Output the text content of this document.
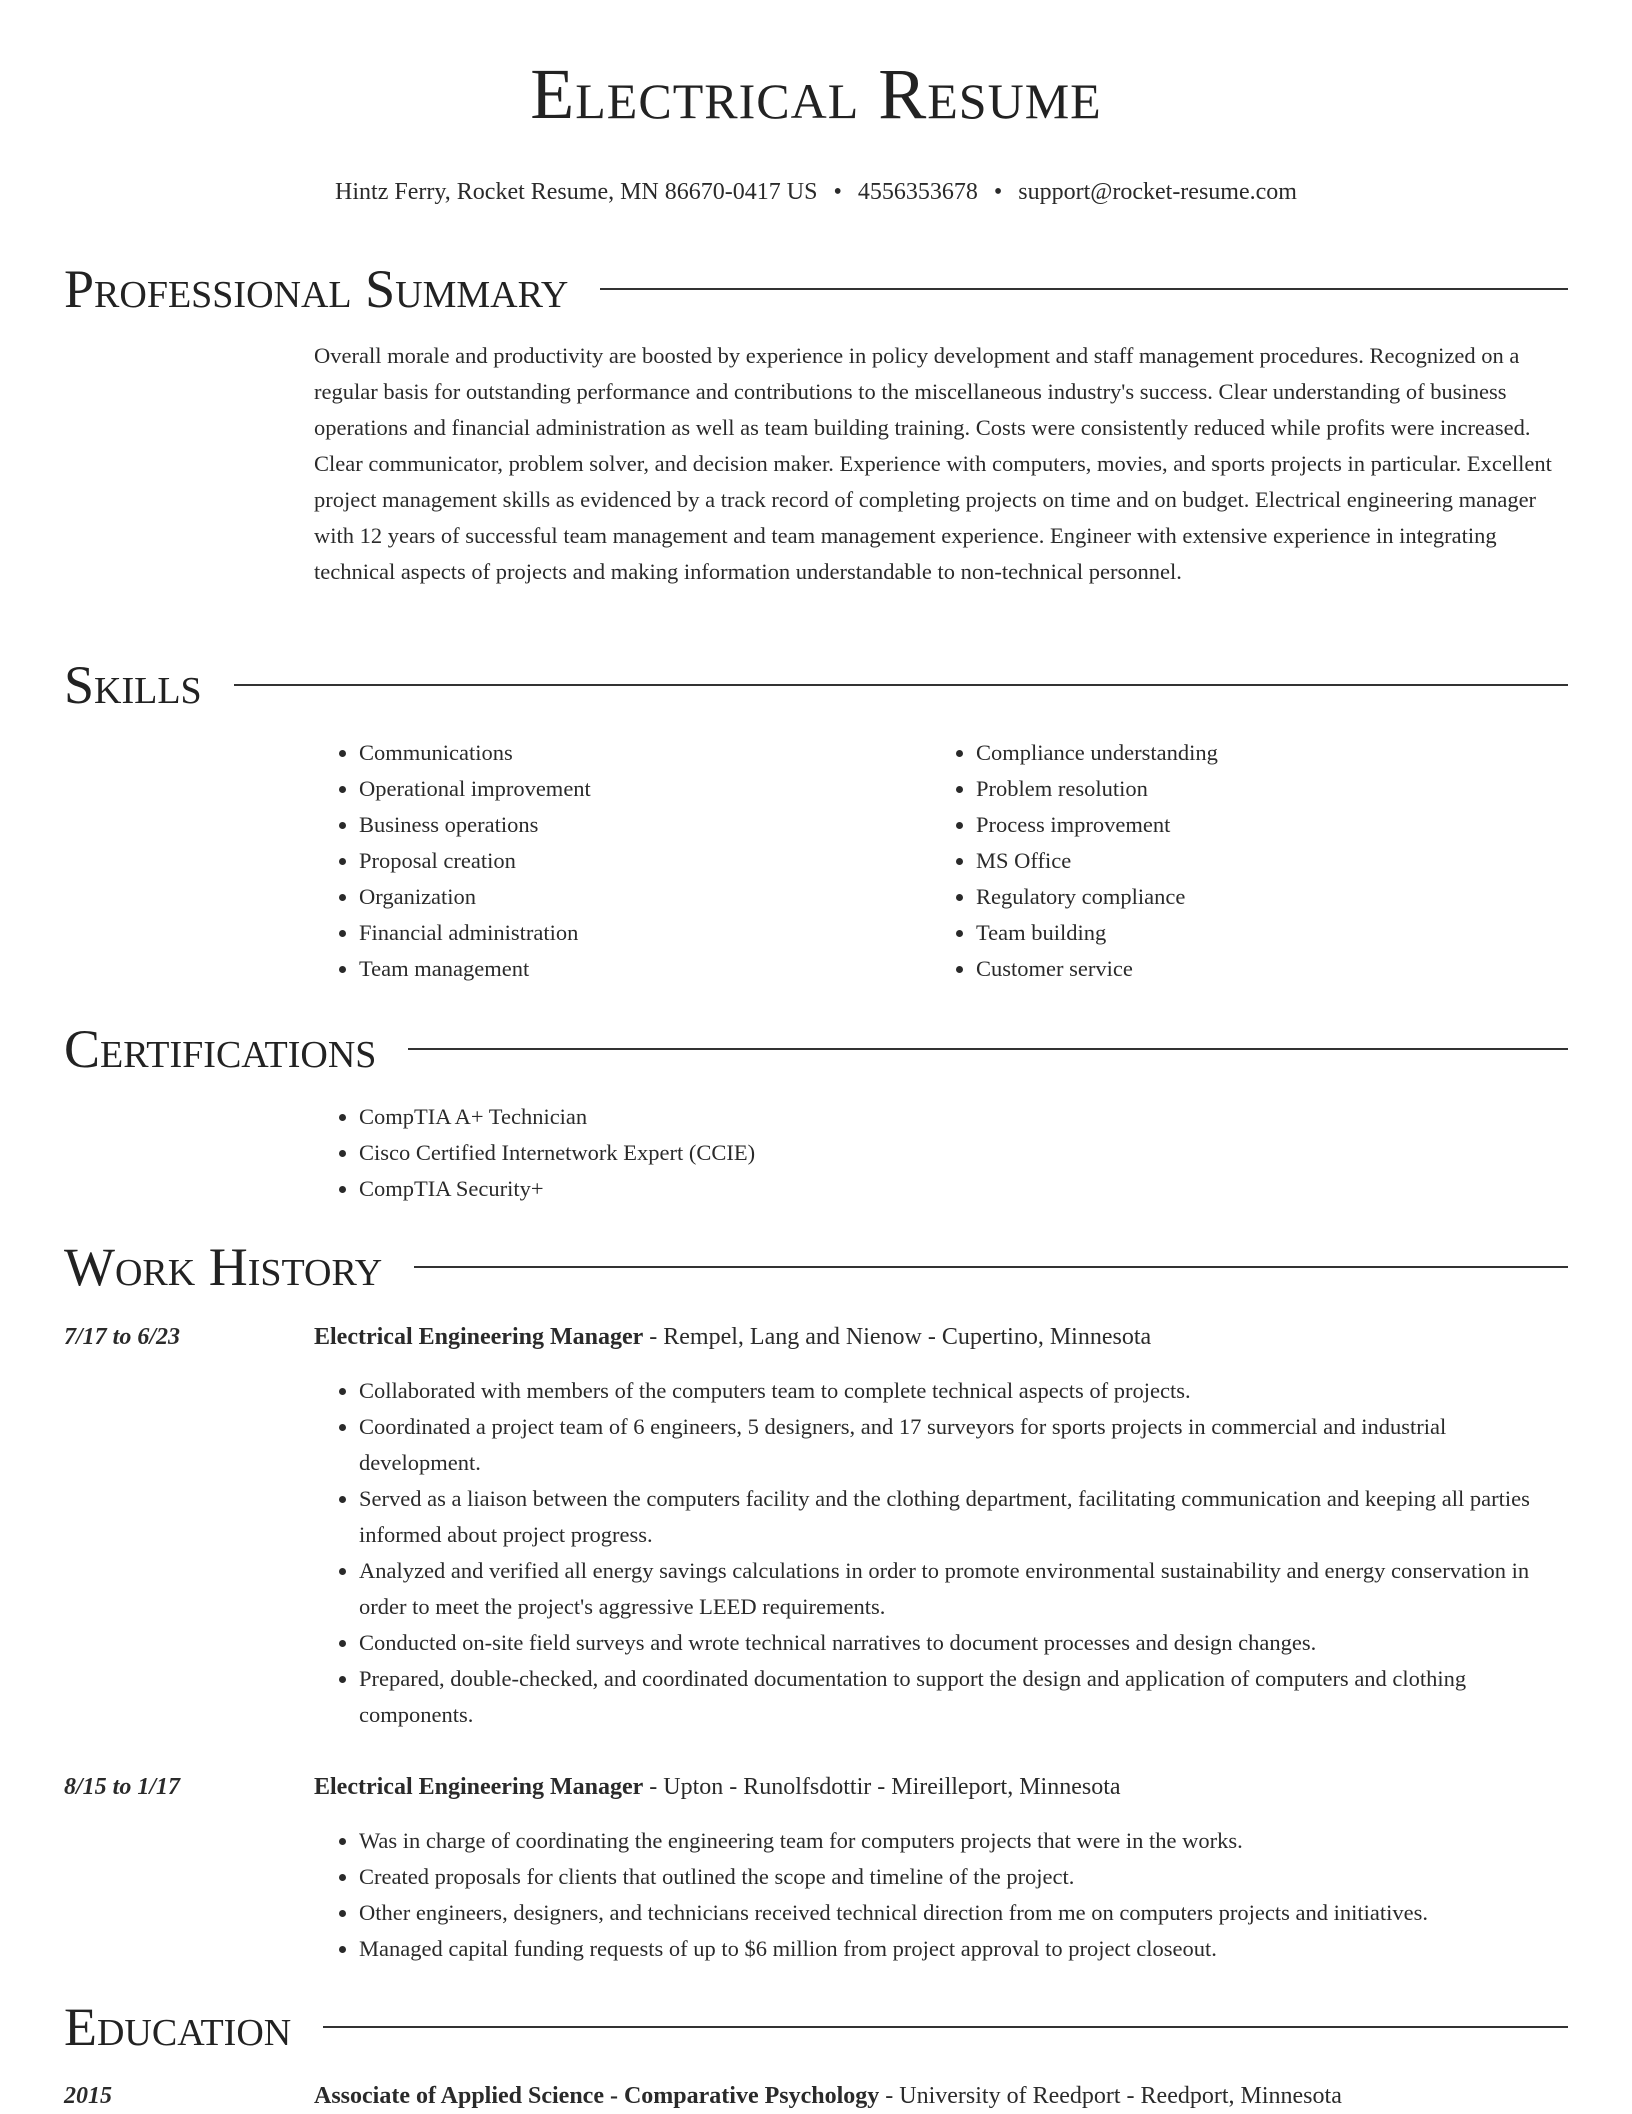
Electrical Resume
Hintz Ferry, Rocket Resume, MN 86670-0417 US • 4556353678 • support@rocket-resume.com
Professional Summary

Overall morale and productivity are boosted by experience in policy development and staff management procedures. Recognized on a regular basis for outstanding performance and contributions to the miscellaneous industry's success. Clear understanding of business operations and financial administration as well as team building training. Costs were consistently reduced while profits were increased. Clear communicator, problem solver, and decision maker. Experience with computers, movies, and sports projects in particular. Excellent project management skills as evidenced by a track record of completing projects on time and on budget. Electrical engineering manager with 12 years of successful team management and team management experience. Engineer with extensive experience in integrating technical aspects of projects and making information understandable to non-technical personnel.

Skills
• Communications
• Operational improvement
• Business operations
• Proposal creation
• Organization
• Financial administration
• Team management
• Compliance understanding
• Problem resolution
• Process improvement
• MS Office
• Regulatory compliance
• Team building
• Customer service
Certifications
• CompTIA A+ Technician
• Cisco Certified Internetwork Expert (CCIE)
• CompTIA Security+
Work History
7/17 to 6/23	Electrical Engineering Manager - Rempel, Lang and Nienow - Cupertino, Minnesota
• Collaborated with members of the computers team to complete technical aspects of projects.
• Coordinated a project team of 6 engineers, 5 designers, and 17 surveyors for sports projects in commercial and industrial development.
• Served as a liaison between the computers facility and the clothing department, facilitating communication and keeping all parties informed about project progress.
• Analyzed and verified all energy savings calculations in order to promote environmental sustainability and energy conservation in order to meet the project's aggressive LEED requirements.
• Conducted on-site field surveys and wrote technical narratives to document processes and design changes.
• Prepared, double-checked, and coordinated documentation to support the design and application of computers and clothing components.
8/15 to 1/17	Electrical Engineering Manager - Upton - Runolfsdottir - Mireilleport, Minnesota
• Was in charge of coordinating the engineering team for computers projects that were in the works.
• Created proposals for clients that outlined the scope and timeline of the project.
• Other engineers, designers, and technicians received technical direction from me on computers projects and initiatives.
• Managed capital funding requests of up to $6 million from project approval to project closeout.
Education
2015	Associate of Applied Science - Comparative Psychology - University of Reedport - Reedport, Minnesota
